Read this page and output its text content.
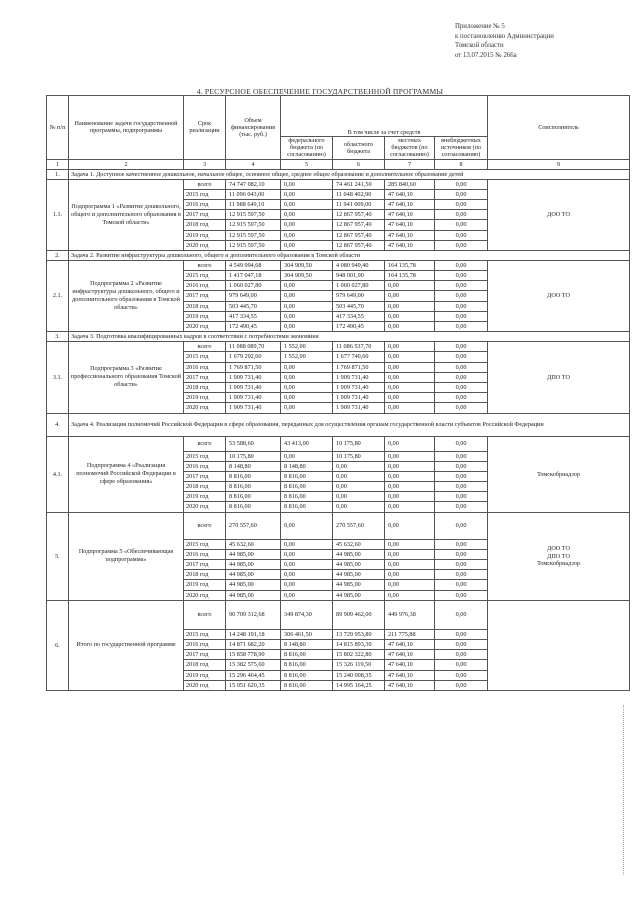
Приложение № 5
к постановлению Администрации
Томской области
от 13.07.2015 № 266а
4. РЕСУРСНОЕ ОБЕСПЕЧЕНИЕ ГОСУДАРСТВЕННОЙ ПРОГРАММЫ
№ п/п	Наименование задачи государственной программы, подпрограммы	Срок реализации	Объем финансирования (тыс. руб.)	В том числе за счет средств				Соисполнитель
				федерального бюджета (по согласованию)	областного бюджета	местных бюджетов (по согласованию)	внебюджетных источников (по согласованию)	
1	2	3	4	5	6	7	8	9
1.	Задача 1. Доступное качественное дошкольное, начальное общее, основное общее, среднее общее образование и дополнительное образование детей							
1.1.	Подпрограмма 1 «Развитие дошкольного, общего и дополнительного образования в Томской области»	всего	74 747 082,10	0,00	74 461 241,50	285 840,60	0,00	ДОО ТО

		2015 год	11 096 043,00	0,00	11 048 402,90	47 640,10	0,00	
		2016 год	11 988 649,10	0,00	11 941 009,00	47 640,10	0,00	
		2017 год	12 915 597,50	0,00	12 867 957,40	47 640,10	0,00	
		2018 год	12 915 597,50	0,00	12 867 957,40	47 640,10	0,00	
		2019 год	12 915 597,50	0,00	12 867 957,40	47 640,10	0,00	
		2020 год	12 915 597,50	0,00	12 867 957,40	47 640,10	0,00	
2.	Задача 2. Развитие инфраструктуры дошкольного, общего и дополнительного образования в Томской области							
2.1.	Подпрограмма 2 «Развитие инфраструктуры дошкольного, общего и дополнительного образования в Томской области»	всего	4 549 994,68	304 909,50	4 080 949,40	164 135,78	0,00	ДОО ТО

		2015 год	1 417 047,18	304 909,50	948 001,90	164 135,78	0,00	
		2016 год	1 060 027,80	0,00	1 060 027,80	0,00	0,00	
		2017 год	979 649,00	0,00	979 649,00	0,00	0,00	
		2018 год	503 445,70	0,00	503 445,70	0,00	0,00	
		2019 год	417 334,55	0,00	417 334,55	0,00	0,00	
		2020 год	172 490,45	0,00	172 490,45	0,00	0,00	
3.	Задача 3. Подготовка квалифицированных кадров в соответствии с потребностями экономики							
3.1.	Подпрограмма 3 «Развитие профессионального образования Томской области»	всего	11 088 089,70	1 552,00	11 086 537,70	0,00	0,00	ДПО ТО

		2015 год	1 679 292,60	1 552,00	1 677 740,60	0,00	0,00	
		2016 год	1 769 871,50	0,00	1 769 871,50	0,00	0,00	
		2017 год	1 909 731,40	0,00	1 909 731,40	0,00	0,00	
		2018 год	1 909 731,40	0,00	1 909 731,40	0,00	0,00	
		2019 год	1 909 731,40	0,00	1 909 731,40	0,00	0,00	
		2020 год	1 909 731,40	0,00	1 909 731,40	0,00	0,00	
4.	Задача 4. Реализация полномочий Российской Федерации в сфере образования, переданных для осуществления органам государственной власти субъектов Российской Федерации							
4.1.	Подпрограмма 4 «Реализация полномочий Российской Федерации в сфере образования»	всего	53 588,60	43 413,00	10 175,80	0,00	0,00	Томскобрнадзор

		2015 год	10 175,80	0,00	10 175,80	0,00	0,00	
		2016 год	8 148,80	8 148,80	0,00	0,00	0,00	
		2017 год	8 816,00	8 816,00	0,00	0,00	0,00	
		2018 год	8 816,00	8 816,00	0,00	0,00	0,00	
		2019 год	8 816,00	8 816,00	0,00	0,00	0,00	
		2020 год	8 816,00	8 816,00	0,00	0,00	0,00	
5.	Подпрограмма 5 «Обеспечивающая подпрограмма»	всего	270 557,60	0,00	270 557,60	0,00	0,00	ДОО ТО
ДПО ТО
Томскобрнадзор

		2015 год	45 632,60	0,00	45 632,60	0,00	0,00	
		2016 год	44 985,00	0,00	44 985,00	0,00	0,00	
		2017 год	44 985,00	0,00	44 985,00	0,00	0,00	
		2018 год	44 985,00	0,00	44 985,00	0,00	0,00	
		2019 год	44 985,00	0,00	44 985,00	0,00	0,00	
		2020 год	44 985,00	0,00	44 985,00	0,00	0,00	
6.	Итого по государственной программе	всего	90 709 312,68	349 874,30	89 909 462,00	449 976,38	0,00	

		2015 год	14 248 191,18	306 461,50	13 729 953,80	211 775,88	0,00	
		2016 год	14 871 682,20	8 148,80	14 815 893,30	47 640,10	0,00	
		2017 год	15 858 778,90	8 816,00	15 802 322,80	47 640,10	0,00	
		2018 год	15 382 575,60	8 816,00	15 326 119,50	47 640,10	0,00	
		2019 год	15 296 464,45	8 816,00	15 240 008,35	47 640,10	0,00	
		2020 год	15 051 620,35	8 816,00	14 995 164,25	47 640,10	0,00	
